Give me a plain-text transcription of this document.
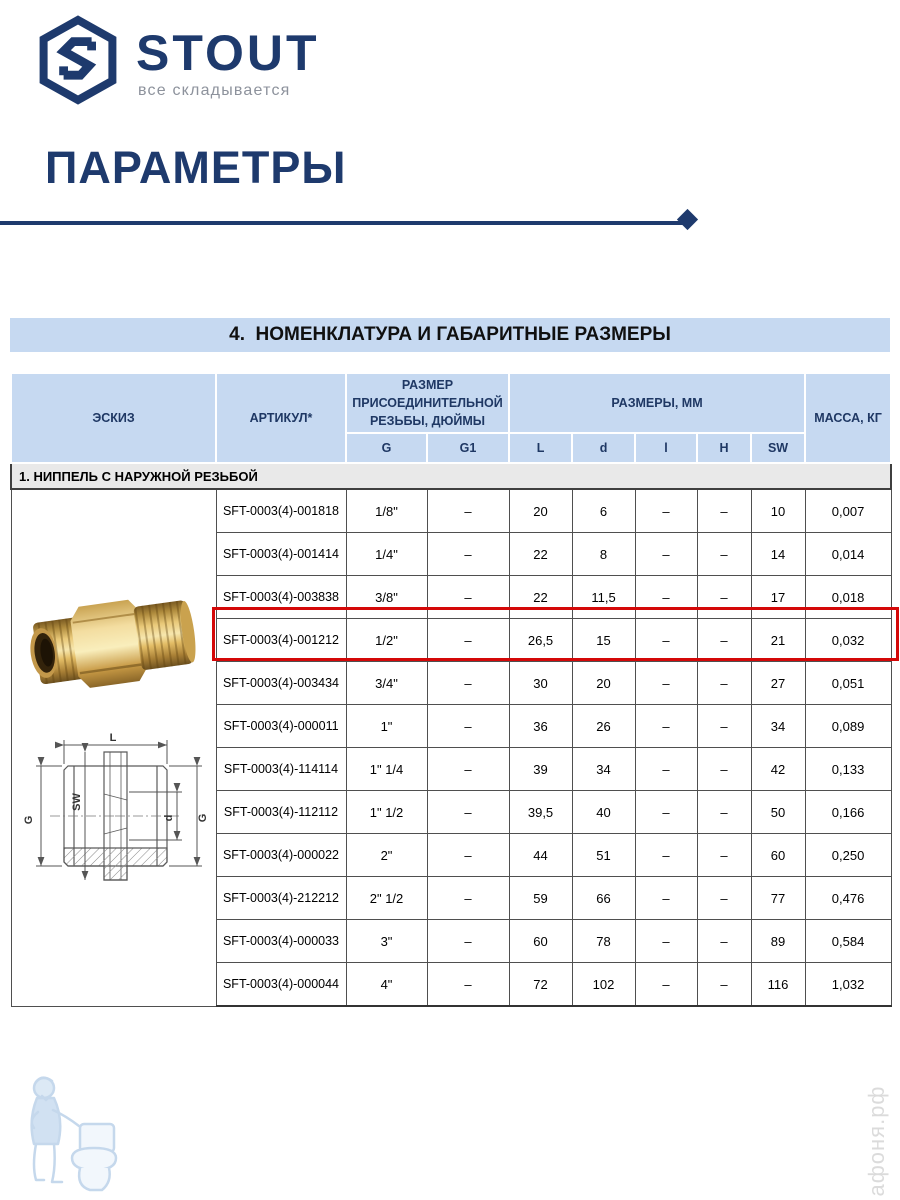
STOUT
все складывается
ПАРАМЕТРЫ
4.  НОМЕНКЛАТУРА И ГАБАРИТНЫЕ РАЗМЕРЫ
ЭСКИЗ	АРТИКУЛ*	РАЗМЕР ПРИСОЕДИНИТЕЛЬНОЙ РЕЗЬБЫ, ДЮЙМЫ		РАЗМЕРЫ, ММ					МАССА, КГ
		G	G1	L	d	l	H	SW	
1. НИППЕЛЬ С НАРУЖНОЙ РЕЗЬБОЙ									
	SFT-0003(4)-001818	1/8"	–	20	6	–	–	10	0,007
	SFT-0003(4)-001414	1/4"	–	22	8	–	–	14	0,014
	SFT-0003(4)-003838	3/8"	–	22	11,5	–	–	17	0,018
	SFT-0003(4)-001212	1/2"	–	26,5	15	–	–	21	0,032
	SFT-0003(4)-003434	3/4"	–	30	20	–	–	27	0,051
	SFT-0003(4)-000011	1"	–	36	26	–	–	34	0,089
	SFT-0003(4)-114114	1" 1/4	–	39	34	–	–	42	0,133
	SFT-0003(4)-112112	1" 1/2	–	39,5	40	–	–	50	0,166
	SFT-0003(4)-000022	2"	–	44	51	–	–	60	0,250
	SFT-0003(4)-212212	2" 1/2	–	59	66	–	–	77	0,476
	SFT-0003(4)-000033	3"	–	60	78	–	–	89	0,584
	SFT-0003(4)-000044	4"	–	72	102	–	–	116	1,032
L
G
SW
d G
афоня.рф
